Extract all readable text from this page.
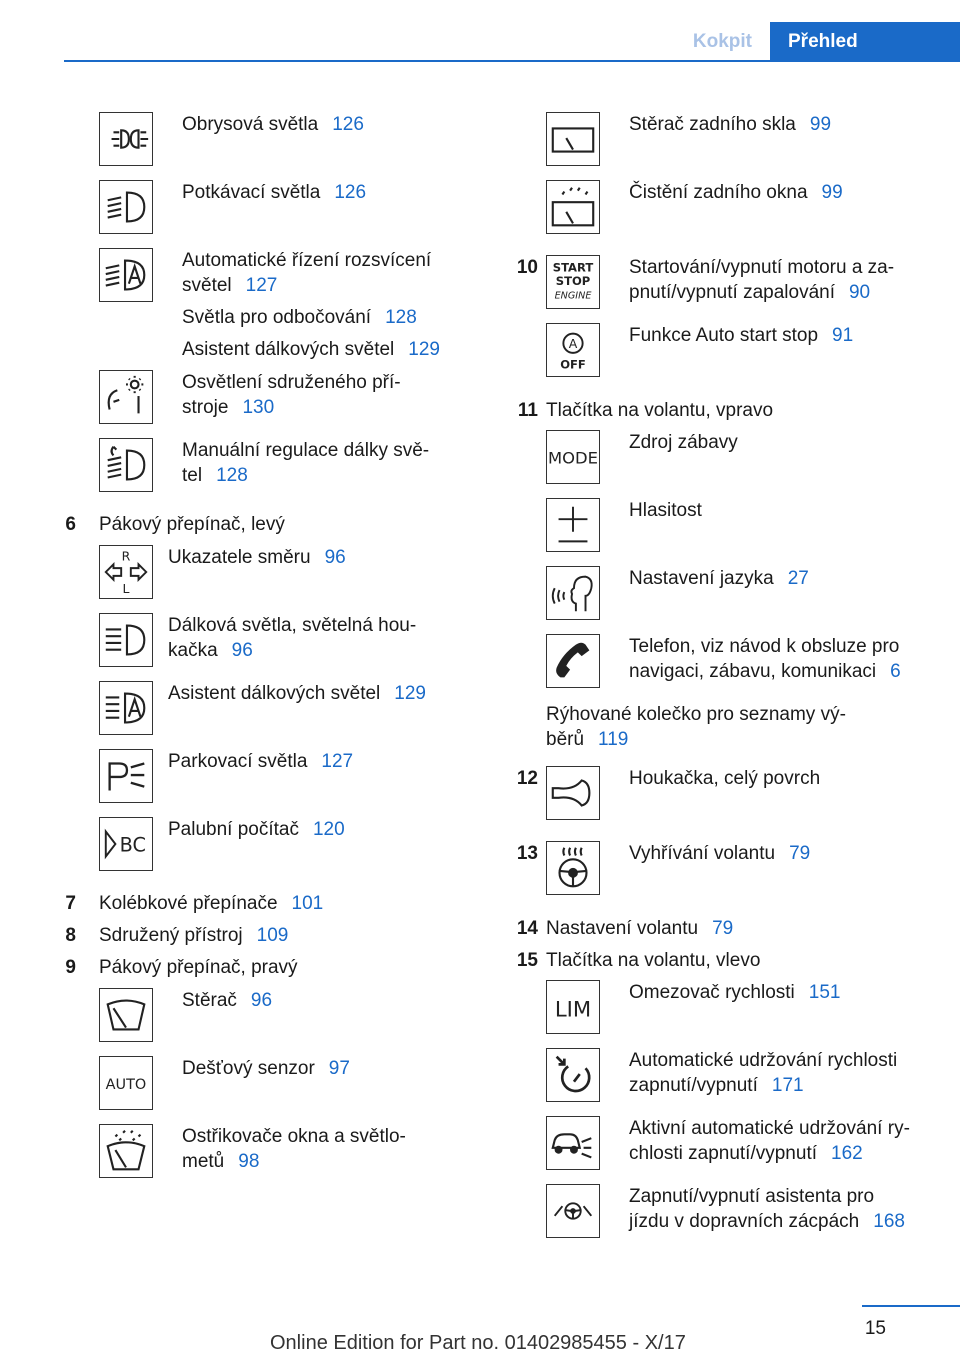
Kokpit	Přehled
Obrysová světla 126
Potkávací světla 126
Automatické řízení rozsvícení
světel 127
Světla pro odbočování 128
Asistent dálkových světel 129
Osvětlení sdruženého pří-
stroje 130
Manuální regulace dálky svě-
tel 128
6 Pákový přepínač, levý
R
L
Ukazatele směru 96
Dálková světla, světelná hou-
kačka 96
Asistent dálkových světel 129
Parkovací světla 127
BC
Palubní počítač 120
7 Kolébkové přepínače 101
8 Sdružený přístroj 109
9 Pákový přepínač, pravý
Stěrač 96
AUTO
Dešťový senzor 97
Ostřikovače okna a světlo-
metů 98
Stěrač zadního skla 99
Čistění zadního okna 99
10 START
STOP
ENGINE
Startování/vypnutí motoru a za-
pnutí/vypnutí zapalování 90
A
OFF
Funkce Auto start stop 91
11 Tlačítka na volantu, vpravo
MODE
Zdroj zábavy
Hlasitost
Nastavení jazyka 27
Telefon, viz návod k obsluze pro
navigaci, zábavu, komunikaci 6
Rýhované kolečko pro seznamy vý-
běrů 119
12	Houkačka, celý povrch
13	Vyhřívání volantu 79
14 Nastavení volantu 79
15 Tlačítka na volantu, vlevo
LIM
Omezovač rychlosti 151
Automatické udržování rychlosti
zapnutí/vypnutí 171
Aktivní automatické udržování ry-
chlosti zapnutí/vypnutí 162
Zapnutí/vypnutí asistenta pro
jízdu v dopravních zácpách 168
15
Online Edition for Part no. 01402985455 - X/17
